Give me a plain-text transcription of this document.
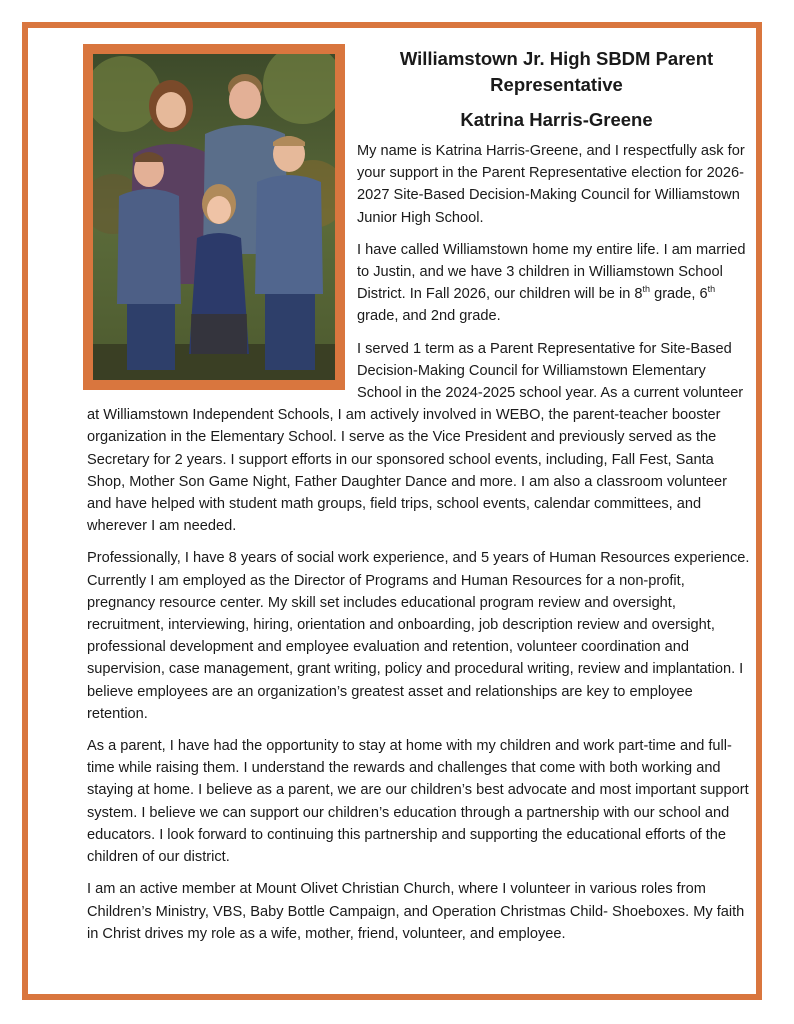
Williamstown Jr. High SBDM Parent Representative
Katrina Harris-Greene

My name is Katrina Harris-Greene, and I respectfully ask for your support in the Parent Representative election for 2026-2027 Site-Based Decision-Making Council for Williamstown Junior High School.

I have called Williamstown home my entire life. I am married to Justin, and we have 3 children in Williamstown School District. In Fall 2026, our children will be in 8th grade, 6th grade, and 2nd grade.

I served 1 term as a Parent Representative for Site-Based Decision-Making Council for Williamstown Elementary School in the 2024-2025 school year. As a current volunteer at Williamstown Independent Schools, I am actively involved in WEBO, the parent-teacher booster organization in the Elementary School. I serve as the Vice President and previously served as the Secretary for 2 years. I support efforts in our sponsored school events, including, Fall Fest, Santa Shop, Mother Son Game Night, Father Daughter Dance and more. I am also a classroom volunteer and have helped with student math groups, field trips, school events, calendar committees, and wherever I am needed.

Professionally, I have 8 years of social work experience, and 5 years of Human Resources experience. Currently I am employed as the Director of Programs and Human Resources for a non-profit, pregnancy resource center. My skill set includes educational program review and oversight, recruitment, interviewing, hiring, orientation and onboarding, job description review and oversight, professional development and employee evaluation and retention, volunteer coordination and supervision, case management, grant writing, policy and procedural writing, review and implantation. I believe employees are an organization’s greatest asset and relationships are key to employee retention.

As a parent, I have had the opportunity to stay at home with my children and work part-time and full-time while raising them. I understand the rewards and challenges that come with both working and staying at home. I believe as a parent, we are our children’s best advocate and most important support system. I believe we can support our children’s education through a partnership with our school and educators. I look forward to continuing this partnership and supporting the educational efforts of the children of our district.

I am an active member at Mount Olivet Christian Church, where I volunteer in various roles from Children’s Ministry, VBS, Baby Bottle Campaign, and Operation Christmas Child- Shoeboxes. My faith in Christ drives my role as a wife, mother, friend, volunteer, and employee.
